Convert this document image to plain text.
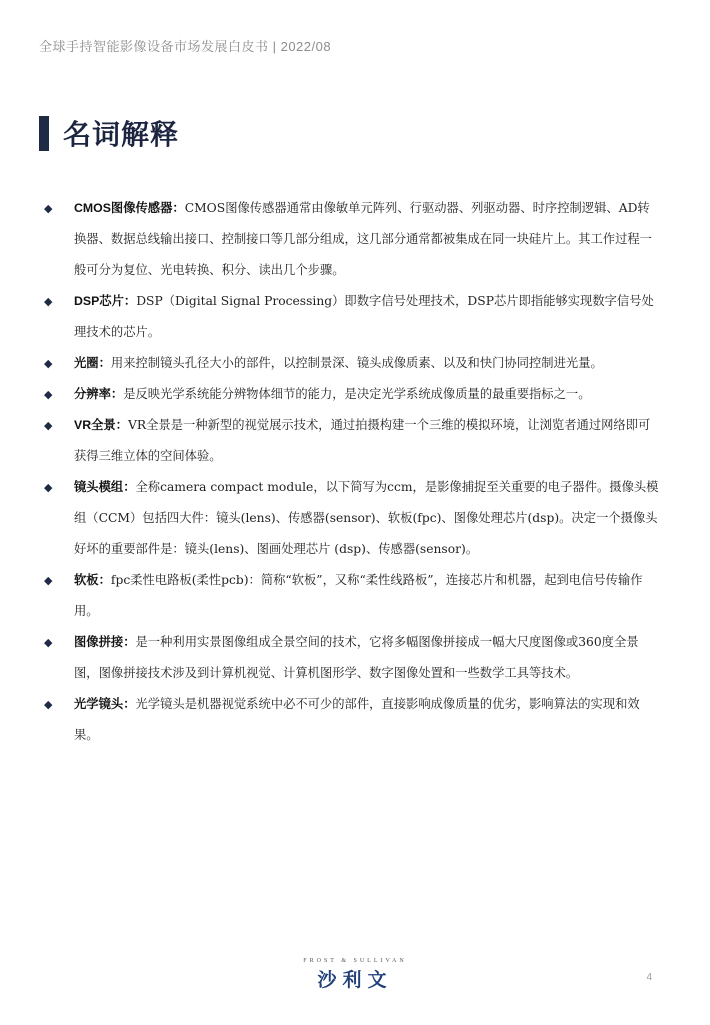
全球手持智能影像设备市场发展白皮书 | 2022/08
名词解释
◆ CMOS图像传感器：CMOS图像传感器通常由像敏单元阵列、行驱动器、列驱动器、时序控制逻辑、AD转换器、数据总线输出接口、控制接口等几部分组成，这几部分通常都被集成在同一块硅片上。其工作过程一般可分为复位、光电转换、积分、读出几个步骤。
◆ DSP芯片：DSP（Digital Signal Processing）即数字信号处理技术，DSP芯片即指能够实现数字信号处理技术的芯片。
◆ 光圈：用来控制镜头孔径大小的部件，以控制景深、镜头成像质素、以及和快门协同控制进光量。
◆ 分辨率：是反映光学系统能分辨物体细节的能力，是决定光学系统成像质量的最重要指标之一。
◆ VR全景：VR全景是一种新型的视觉展示技术，通过拍摄构建一个三维的模拟环境，让浏览者通过网络即可获得三维立体的空间体验。
◆ 镜头模组：全称camera compact module，以下简写为ccm，是影像捕捉至关重要的电子器件。摄像头模组（CCM）包括四大件：镜头(lens)、传感器(sensor)、软板(fpc)、图像处理芯片(dsp)。决定一个摄像头好坏的重要部件是：镜头(lens)、图画处理芯片 (dsp)、传感器(sensor)。
◆ 软板：fpc柔性电路板(柔性pcb)：简称“软板”，又称“柔性线路板”，连接芯片和机器，起到电信号传输作用。
◆ 图像拼接：是一种利用实景图像组成全景空间的技术，它将多幅图像拼接成一幅大尺度图像或360度全景图，图像拼接技术涉及到计算机视觉、计算机图形学、数字图像处置和一些数学工具等技术。
◆ 光学镜头：光学镜头是机器视觉系统中必不可少的部件，直接影响成像质量的优劣，影响算法的实现和效果。
FROST & SULLIVAN
沙利文	4
